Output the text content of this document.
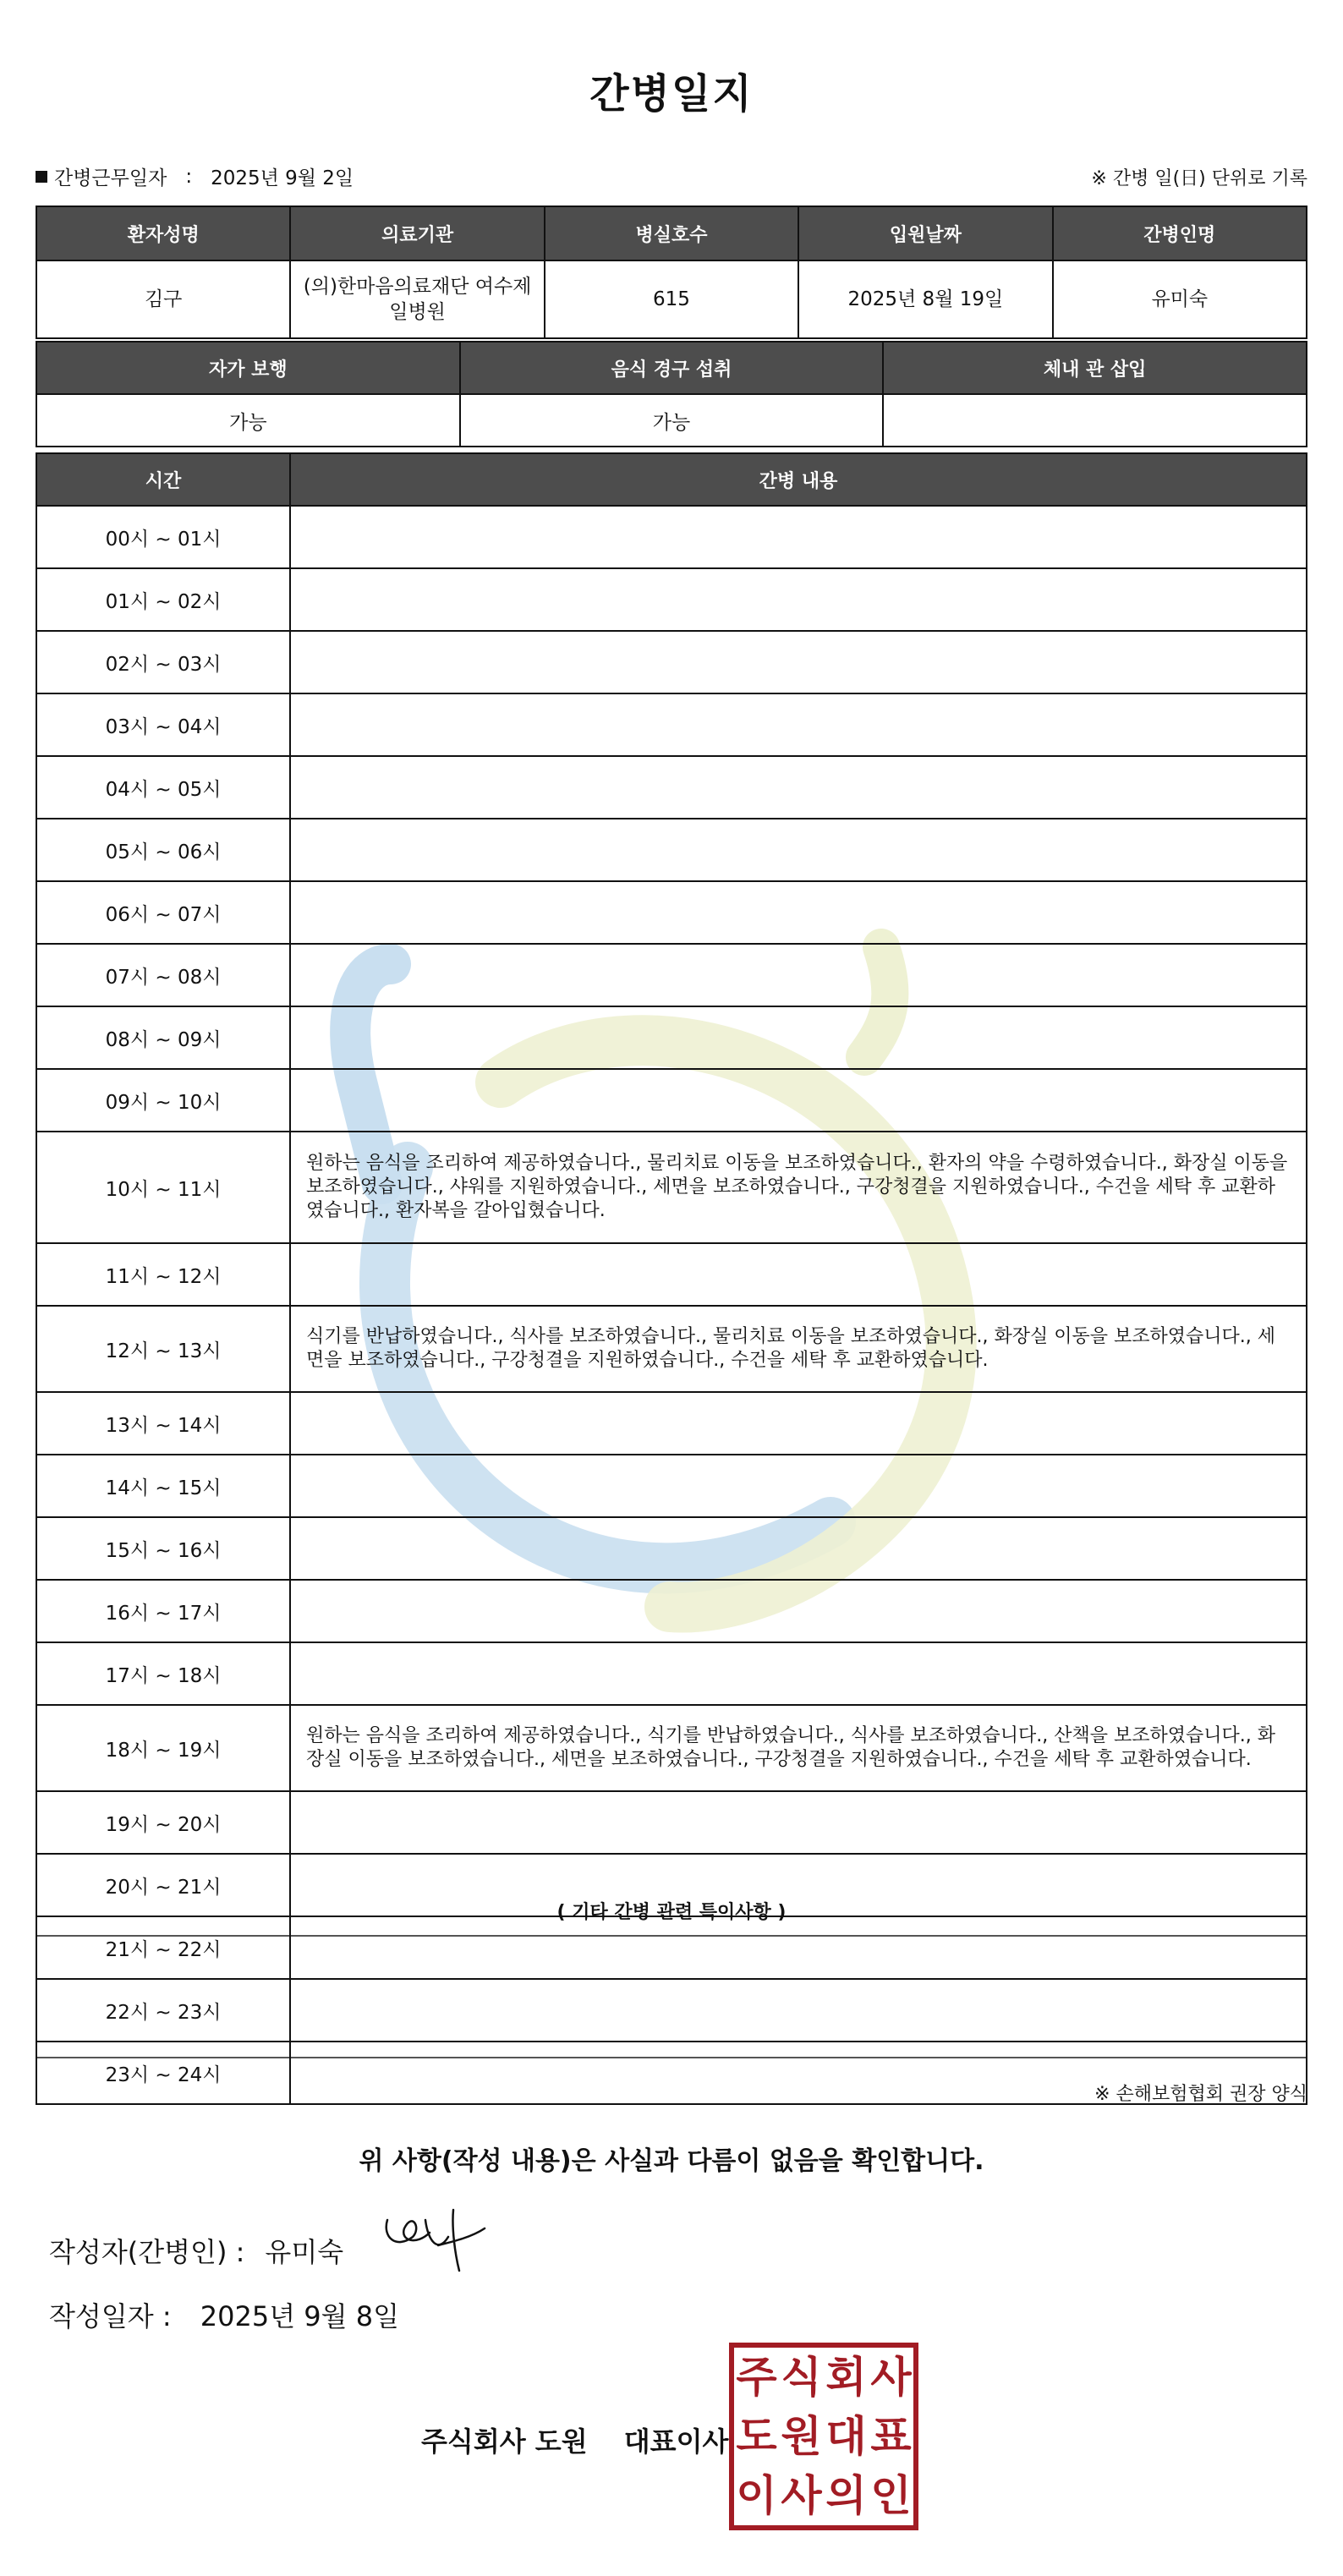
간병일지
간병근무일자 : 2025년 9월 2일	※ 간병 일(日) 단위로 기록
환자성명	의료기관	병실호수	입원날짜	간병인명
김구	(의)한마음의료재단 여수제일병원	615	2025년 8월 19일	유미숙
자가 보행	음식 경구 섭취	체내 관 삽입
가능	가능	
시간	간병 내용
00시 ~ 01시	
01시 ~ 02시	
02시 ~ 03시	
03시 ~ 04시	
04시 ~ 05시	
05시 ~ 06시	
06시 ~ 07시	
07시 ~ 08시	
08시 ~ 09시	
09시 ~ 10시	
10시 ~ 11시	원하는 음식을 조리하여 제공하였습니다., 물리치료 이동을 보조하였습니다., 환자의 약을 수령하였습니다., 화장실 이동을 보조하였습니다., 샤워를 지원하였습니다., 세면을 보조하였습니다., 구강청결을 지원하였습니다., 수건을 세탁 후 교환하였습니다., 환자복을 갈아입혔습니다.
11시 ~ 12시	
12시 ~ 13시	식기를 반납하였습니다., 식사를 보조하였습니다., 물리치료 이동을 보조하였습니다., 화장실 이동을 보조하였습니다., 세면을 보조하였습니다., 구강청결을 지원하였습니다., 수건을 세탁 후 교환하였습니다.
13시 ~ 14시	
14시 ~ 15시	
15시 ~ 16시	
16시 ~ 17시	
17시 ~ 18시	
18시 ~ 19시	원하는 음식을 조리하여 제공하였습니다., 식기를 반납하였습니다., 식사를 보조하였습니다., 산책을 보조하였습니다., 화장실 이동을 보조하였습니다., 세면을 보조하였습니다., 구강청결을 지원하였습니다., 수건을 세탁 후 교환하였습니다.
19시 ~ 20시	
20시 ~ 21시	
21시 ~ 22시	
22시 ~ 23시	
23시 ~ 24시	
( 기타 간병 관련 특이사항 )
※ 손해보험협회 권장 양식
위 사항(작성 내용)은 사실과 다름이 없음을 확인합니다.
작성자(간병인) : 유미숙
작성일자 : 2025년 9월 8일
주식회사 도원 대표이사
주 식 회 사
도 원 대 표
이 사 의 인
